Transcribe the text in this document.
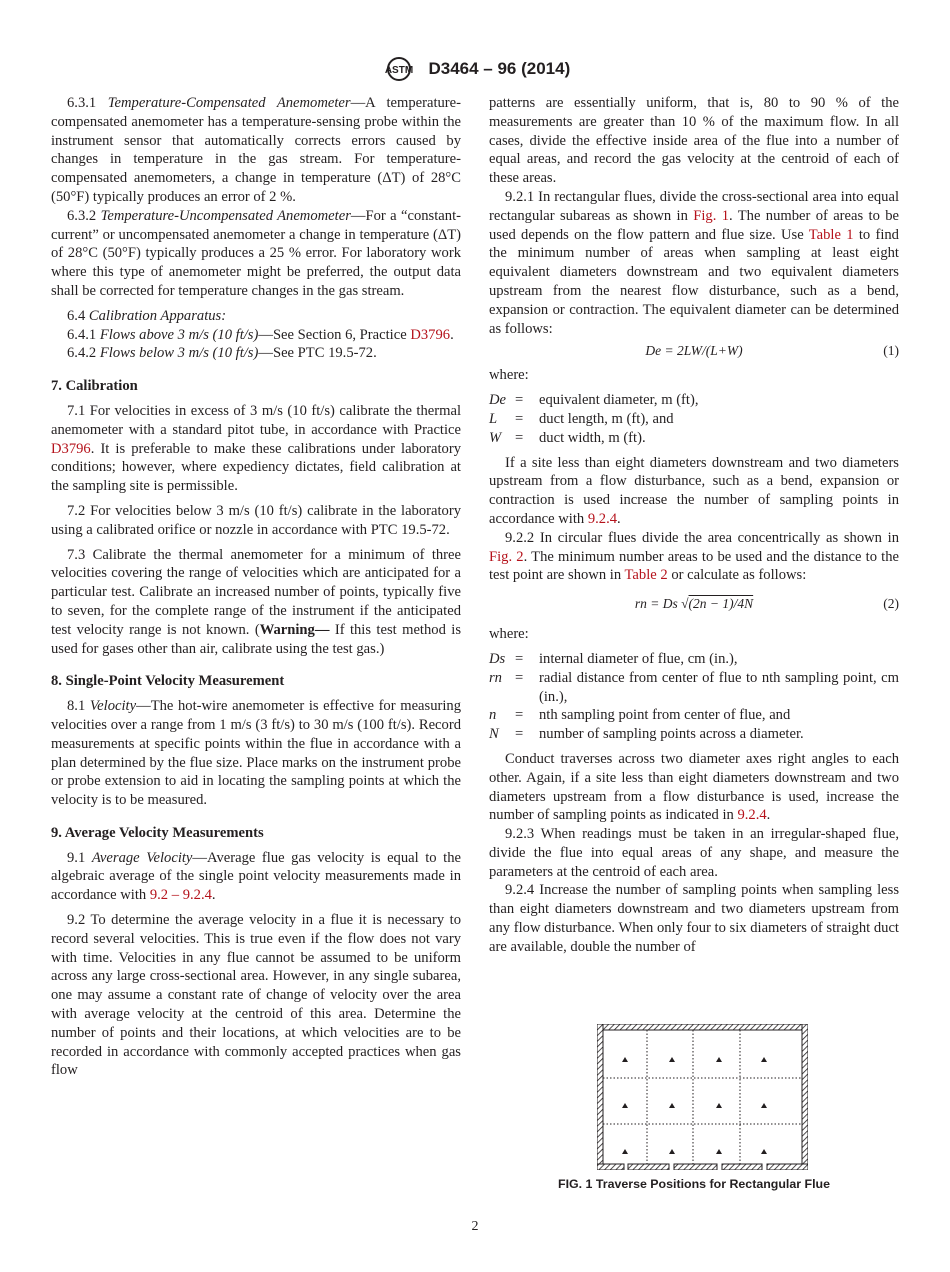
ASTM D3464 – 96 (2014)

6.3.1 Temperature-Compensated Anemometer—A temperature-compensated anemometer has a temperature-sensing probe within the instrument sensor that automatically corrects errors caused by changes in temperature in the gas stream. For temperature-compensated anemometers, a change in temperature (ΔT) of 28°C (50°F) typically produces an error of 2 %.

6.3.2 Temperature-Uncompensated Anemometer—For a “constant-current” or uncompensated anemometer a change in temperature (ΔT) of 28°C (50°F) typically produces a 25 % error. For laboratory work where this type of anemometer might be preferred, the output data shall be corrected for temperature changes in the gas stream.

6.4 Calibration Apparatus:

6.4.1 Flows above 3 m/s (10 ft/s)—See Section 6, Practice D3796.

6.4.2 Flows below 3 m/s (10 ft/s)—See PTC 19.5-72.

7. Calibration

7.1 For velocities in excess of 3 m/s (10 ft/s) calibrate the thermal anemometer with a standard pitot tube, in accordance with Practice D3796. It is preferable to make these calibrations under laboratory conditions; however, where expediency dictates, field calibration at the sampling site is permissible.

7.2 For velocities below 3 m/s (10 ft/s) calibrate in the laboratory using a calibrated orifice or nozzle in accordance with PTC 19.5-72.

7.3 Calibrate the thermal anemometer for a minimum of three velocities covering the range of velocities which are anticipated for a particular test. Calibrate an increased number of points, typically five to seven, for the complete range of the instrument if the anticipated test velocity range is not known. (Warning— If this test method is used for gases other than air, calibrate using the test gas.)

8. Single-Point Velocity Measurement

8.1 Velocity—The hot-wire anemometer is effective for measuring velocities over a range from 1 m/s (3 ft/s) to 30 m/s (100 ft/s). Record measurements at specific points within the flue in accordance with a plan determined by the flue size. Place marks on the instrument probe or probe extension to aid in locating the sampling points at which the velocity is to be measured.

9. Average Velocity Measurements

9.1 Average Velocity—Average flue gas velocity is equal to the algebraic average of the single point velocity measurements made in accordance with 9.2 – 9.2.4.

9.2 To determine the average velocity in a flue it is necessary to record several velocities. This is true even if the flow does not vary with time. Velocities in any flue cannot be assumed to be uniform across any large cross-sectional area. However, in any single subarea, one may assume a constant rate of change of velocity over the area with average velocity at the centroid of this area. Determine the number of points and their locations, at which velocities are to be recorded in accordance with commonly accepted practices when gas flow

patterns are essentially uniform, that is, 80 to 90 % of the measurements are greater than 10 % of the maximum flow. In all cases, divide the effective inside area of the flue into a number of equal areas, and record the gas velocity at the centroid of each of these areas.

9.2.1 In rectangular flues, divide the cross-sectional area into equal rectangular subareas as shown in Fig. 1. The number of areas to be used depends on the flow pattern and flue size. Use Table 1 to find the minimum number of areas when sampling at least eight equivalent diameters downstream and two equivalent diameters upstream from the nearest flow disturbance, such as a bend, expansion or contraction. The equivalent diameter can be determined as follows:

De = 2LW/(L+W)	(1)

where:

De =	equivalent diameter, m (ft),
L	=	duct length, m (ft), and
W =	duct width, m (ft).

If a site less than eight diameters downstream and two diameters upstream from a flow disturbance, such as a bend, expansion or contraction is used increase the number of sampling points in accordance with 9.2.4.

9.2.2 In circular flues divide the area concentrically as shown in Fig. 2. The minimum number areas to be used and the distance to the test point are shown in Table 2 or calculate as follows:

rn = Ds √(2n − 1)/4N	(2)

where:

Ds =	internal diameter of flue, cm (in.),
rn =	radial distance from center of flue to nth sampling point, cm (in.),
n	=	nth sampling point from center of flue, and
N	=	number of sampling points across a diameter.

Conduct traverses across two diameter axes right angles to each other. Again, if a site less than eight diameters downstream and two diameters upstream from a flow disturbance is used, increase the number of sampling points as indicated in 9.2.4.

9.2.3 When readings must be taken in an irregular-shaped flue, divide the flue into equal areas of any shape, and measure the parameters at the centroid of each area.

9.2.4 Increase the number of sampling points when sampling less than eight diameters downstream and two diameters upstream from any flow disturbance. When only four to six diameters of straight duct are available, double the number of

FIG. 1 Traverse Positions for Rectangular Flue
2
